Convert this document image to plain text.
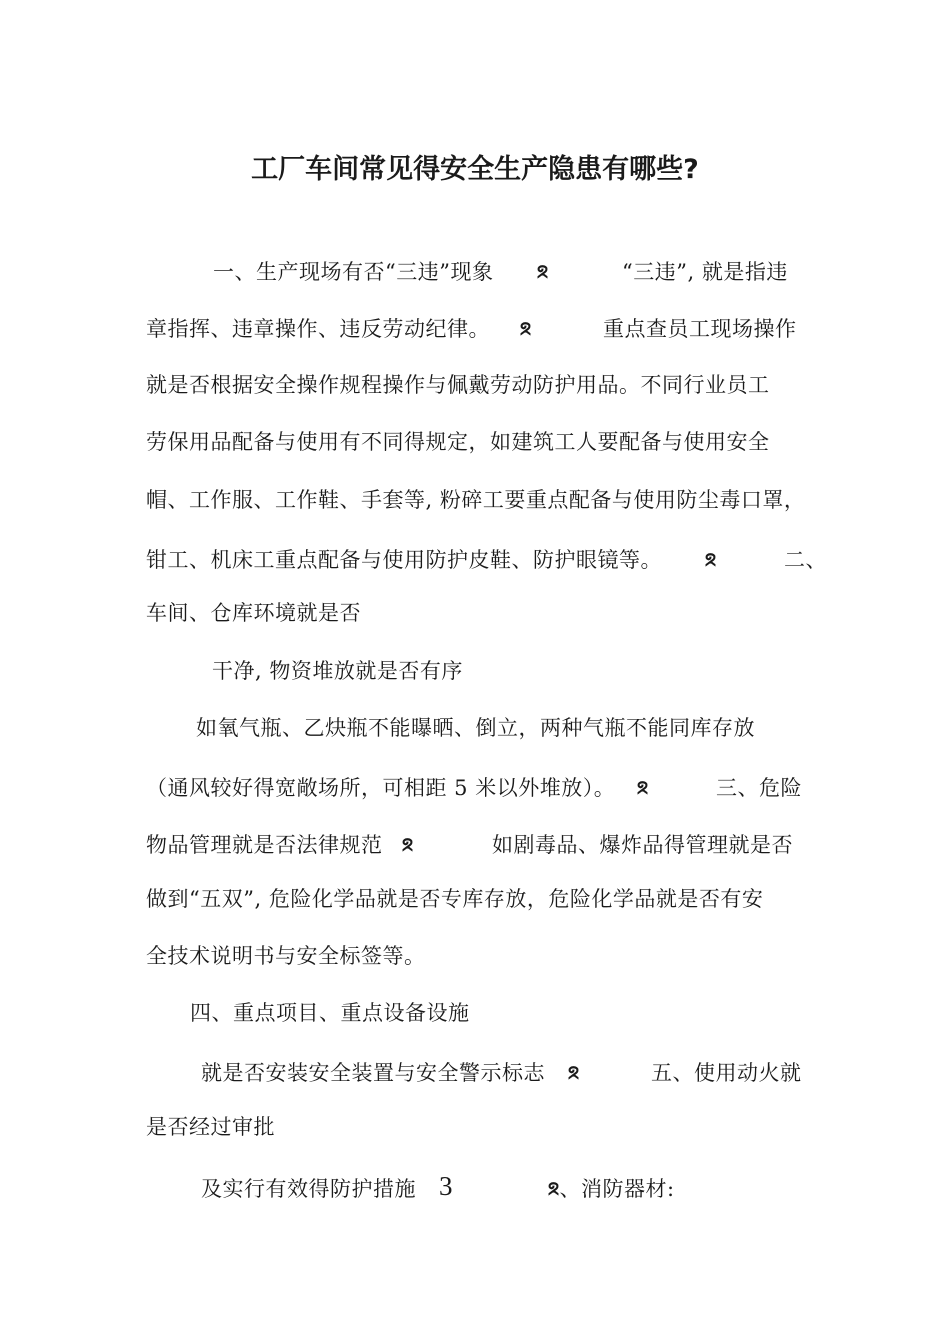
工厂车间常见得安全生产隐患有哪些?
一、生产现场有否“三违”现象	ᘝ	“三违”, 就是指违
章指挥、违章操作、违反劳动纪律。 ᘝ	重点查员工现场操作
就是否根据安全操作规程操作与佩戴劳动防护用品。不同行业员工
劳保用品配备与使用有不同得规定，如建筑工人要配备与使用安全
帽、工作服、工作鞋、手套等, 粉碎工要重点配备与使用防尘毒口罩，
钳工、机床工重点配备与使用防护皮鞋、防护眼镜等。	ᘝ	二、
车间、仓库环境就是否
干净, 物资堆放就是否有序
如氧气瓶、乙炔瓶不能曝晒、倒立，两种气瓶不能同库存放
（通风较好得宽敞场所，可相距 5 米以外堆放）。 ᘝ	三、危险
物品管理就是否法律规范 ᘝ	如剧毒品、爆炸品得管理就是否
做到“五双”, 危险化学品就是否专库存放，危险化学品就是否有安
全技术说明书与安全标签等。
四、重点项目、重点设备设施
就是否安装安全装置与安全警示标志 ᘝ	五、使用动火就
是否经过审批
及实行有效得防护措施 3	ᘝ、消防器材:
